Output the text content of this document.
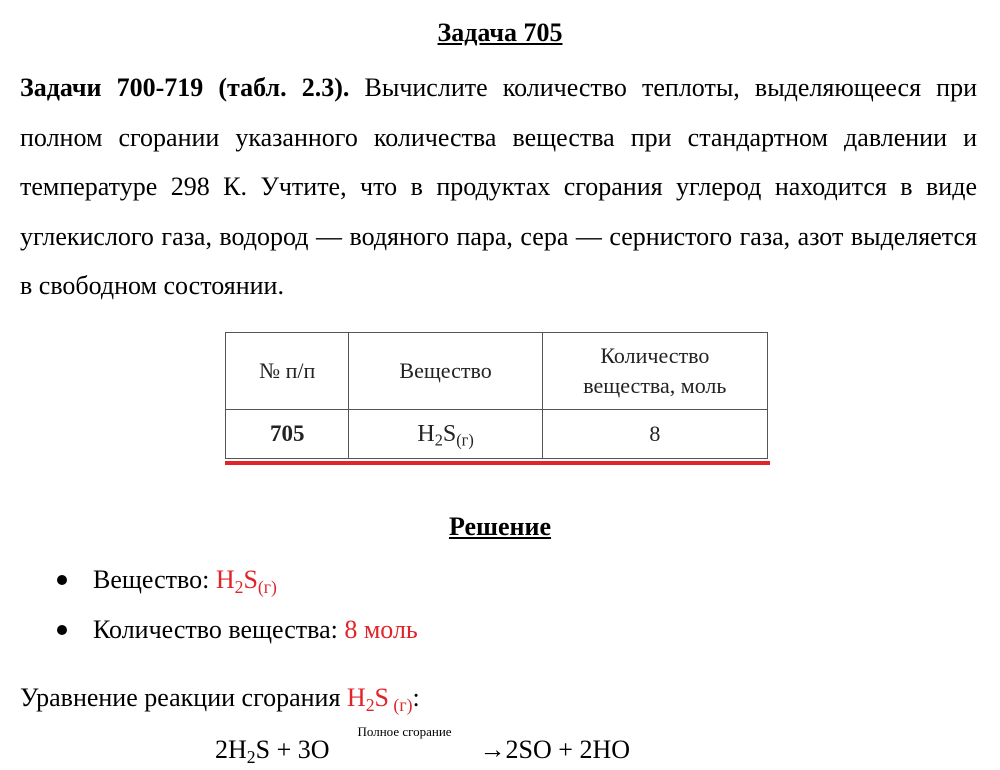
Задача 705
Задачи 700-719 (табл. 2.3). Вычислите количество теплоты, выделяющееся при полном сгорании указанного количества вещества при стандартном давлении и температуре 298 К. Учтите, что в продуктах сгорания углерод находится в виде углекислого газа, водород — водяного пара, сера — сернистого газа, азот выделяется в свободном состоянии.
№ п/п	Вещество	Количество
вещества, моль
705	$H_2S_{(г)}$	8
Решение
Вещество: $H_2S_{(г)}$
Количество вещества: 8 моль
Уравнение реакции сгорания $H_2S$ $_{(г)}$:
$2H_2S + 3O$
Полное сгорание
→2SO + 2HO
